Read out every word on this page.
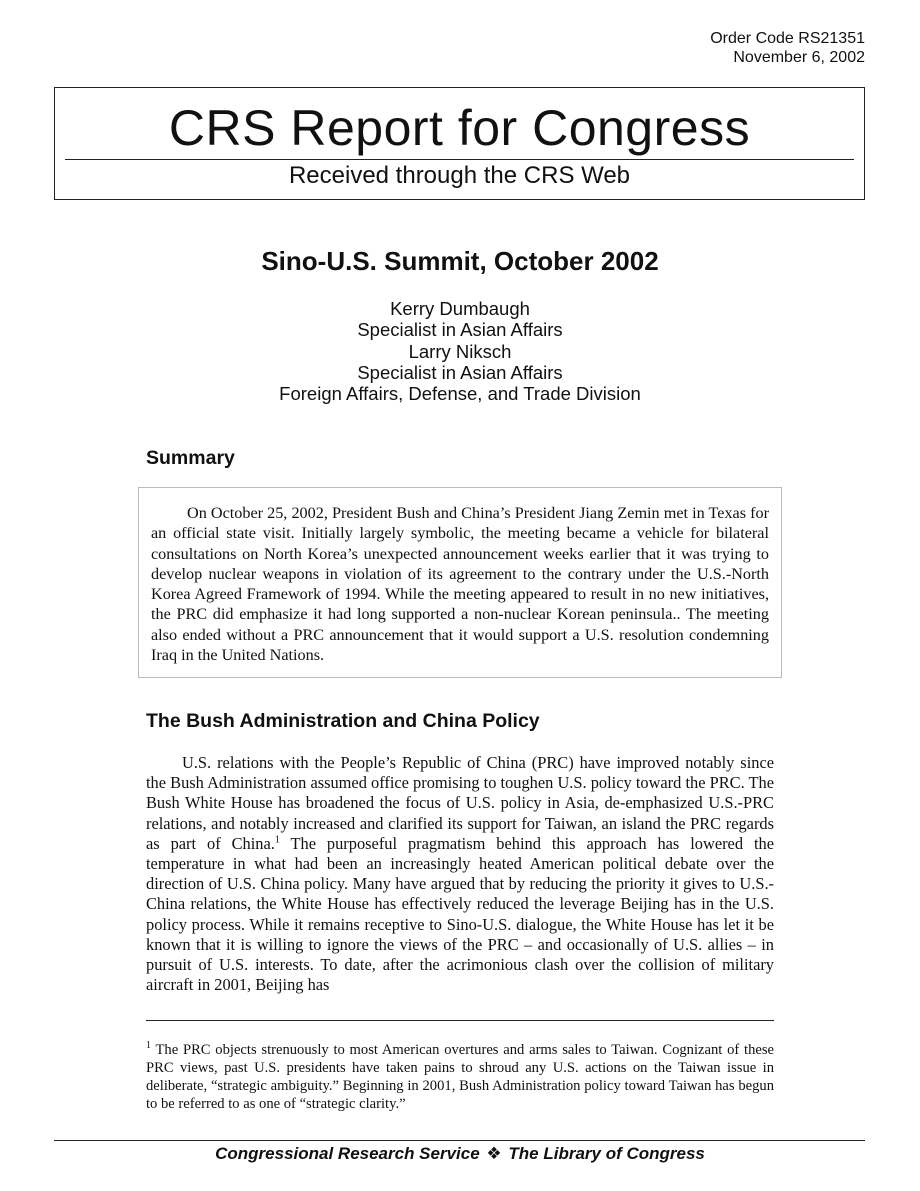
Order Code RS21351
November 6, 2002
CRS Report for Congress
Received through the CRS Web
Sino-U.S. Summit, October 2002
Kerry Dumbaugh
Specialist in Asian Affairs
Larry Niksch
Specialist in Asian Affairs
Foreign Affairs, Defense, and Trade Division
Summary
On October 25, 2002, President Bush and China’s President Jiang Zemin met in Texas for an official state visit. Initially largely symbolic, the meeting became a vehicle for bilateral consultations on North Korea’s unexpected announcement weeks earlier that it was trying to develop nuclear weapons in violation of its agreement to the contrary under the U.S.-North Korea Agreed Framework of 1994. While the meeting appeared to result in no new initiatives, the PRC did emphasize it had long supported a non-nuclear Korean peninsula.. The meeting also ended without a PRC announcement that it would support a U.S. resolution condemning Iraq in the United Nations.
The Bush Administration and China Policy
U.S. relations with the People’s Republic of China (PRC) have improved notably since the Bush Administration assumed office promising to toughen U.S. policy toward the PRC. The Bush White House has broadened the focus of U.S. policy in Asia, de-emphasized U.S.-PRC relations, and notably increased and clarified its support for Taiwan, an island the PRC regards as part of China.$^1$ The purposeful pragmatism behind this approach has lowered the temperature in what had been an increasingly heated American political debate over the direction of U.S. China policy. Many have argued that by reducing the priority it gives to U.S.-China relations, the White House has effectively reduced the leverage Beijing has in the U.S. policy process. While it remains receptive to Sino-U.S. dialogue, the White House has let it be known that it is willing to ignore the views of the PRC – and occasionally of U.S. allies – in pursuit of U.S. interests. To date, after the acrimonious clash over the collision of military aircraft in 2001, Beijing has
$^1$ The PRC objects strenuously to most American overtures and arms sales to Taiwan. Cognizant of these PRC views, past U.S. presidents have taken pains to shroud any U.S. actions on the Taiwan issue in deliberate, “strategic ambiguity.” Beginning in 2001, Bush Administration policy toward Taiwan has begun to be referred to as one of “strategic clarity.”
Congressional Research Service ❖ The Library of Congress
